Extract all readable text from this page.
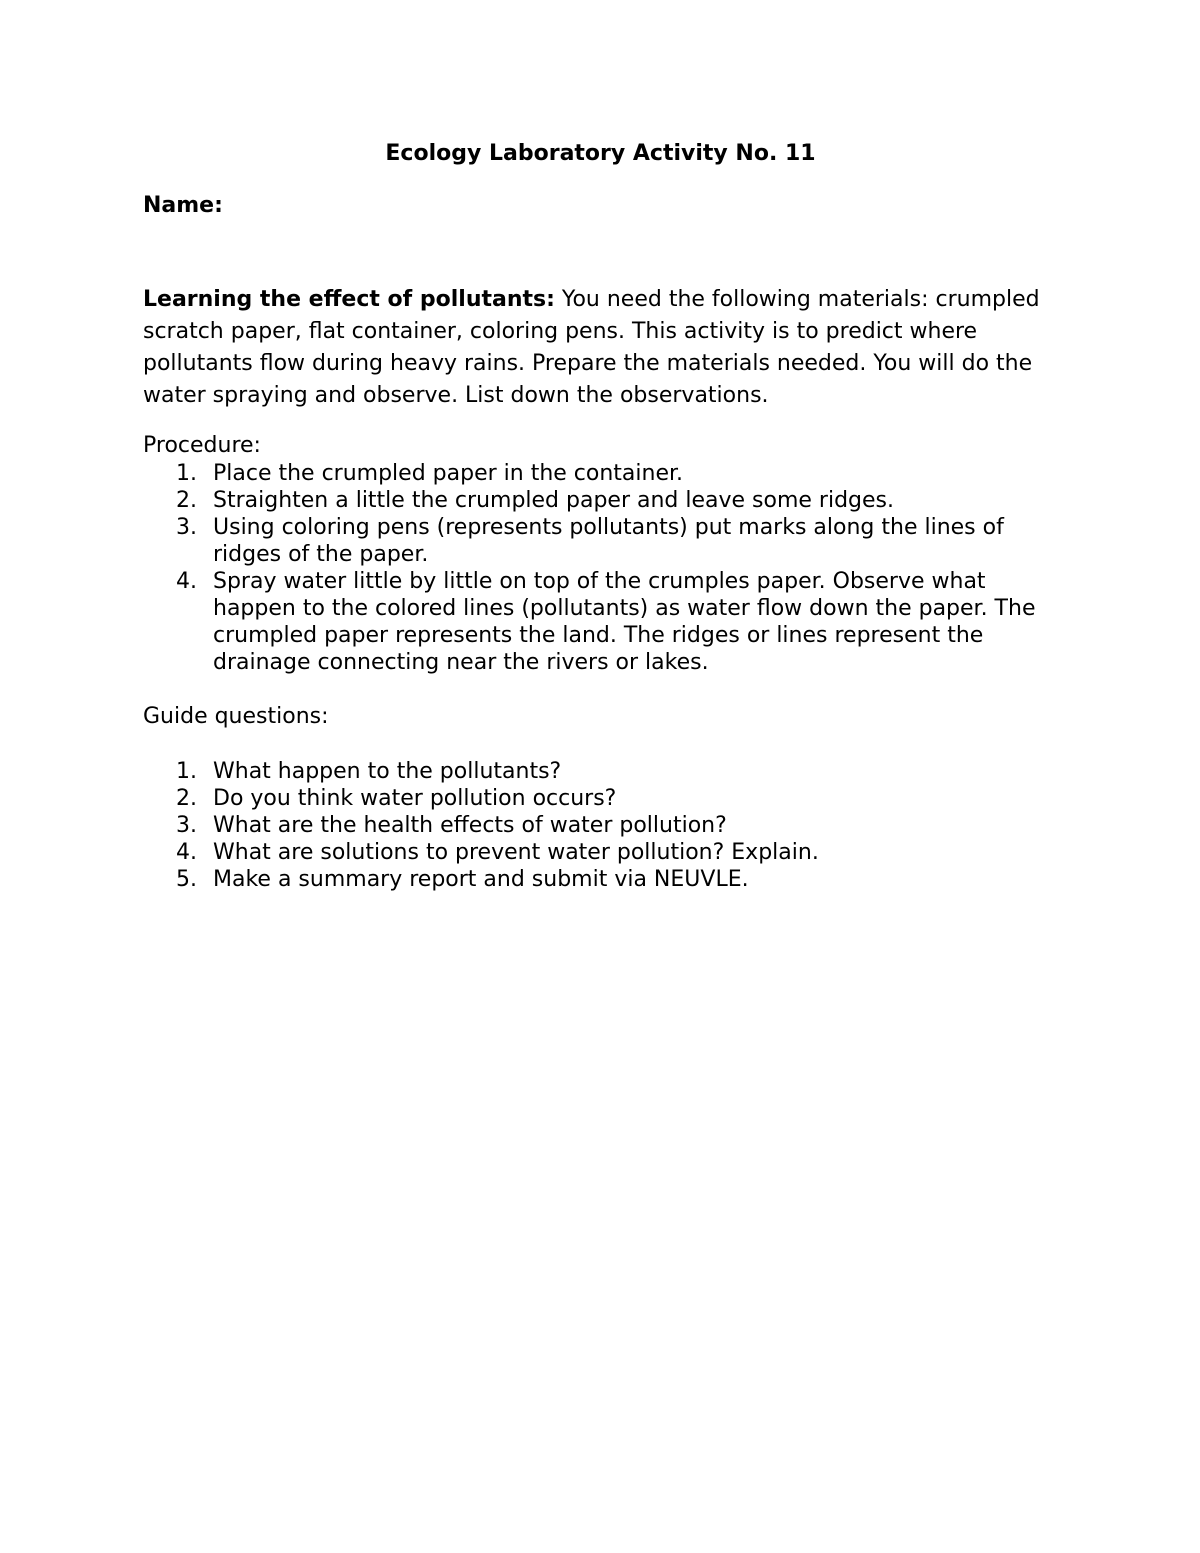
Ecology Laboratory Activity No. 11
Name:
Learning the effect of pollutants: You need the following materials: crumpled scratch paper, flat container, coloring pens. This activity is to predict where pollutants flow during heavy rains. Prepare the materials needed. You will do the water spraying and observe. List down the observations.
Procedure:
1. Place the crumpled paper in the container.
2. Straighten a little the crumpled paper and leave some ridges.
3. Using coloring pens (represents pollutants) put marks along the lines of ridges of the paper.
4. Spray water little by little on top of the crumples paper. Observe what happen to the colored lines (pollutants) as water flow down the paper. The crumpled paper represents the land. The ridges or lines represent the drainage connecting near the rivers or lakes.
Guide questions:
1. What happen to the pollutants?
2. Do you think water pollution occurs?
3. What are the health effects of water pollution?
4. What are solutions to prevent water pollution? Explain.
5. Make a summary report and submit via NEUVLE.
